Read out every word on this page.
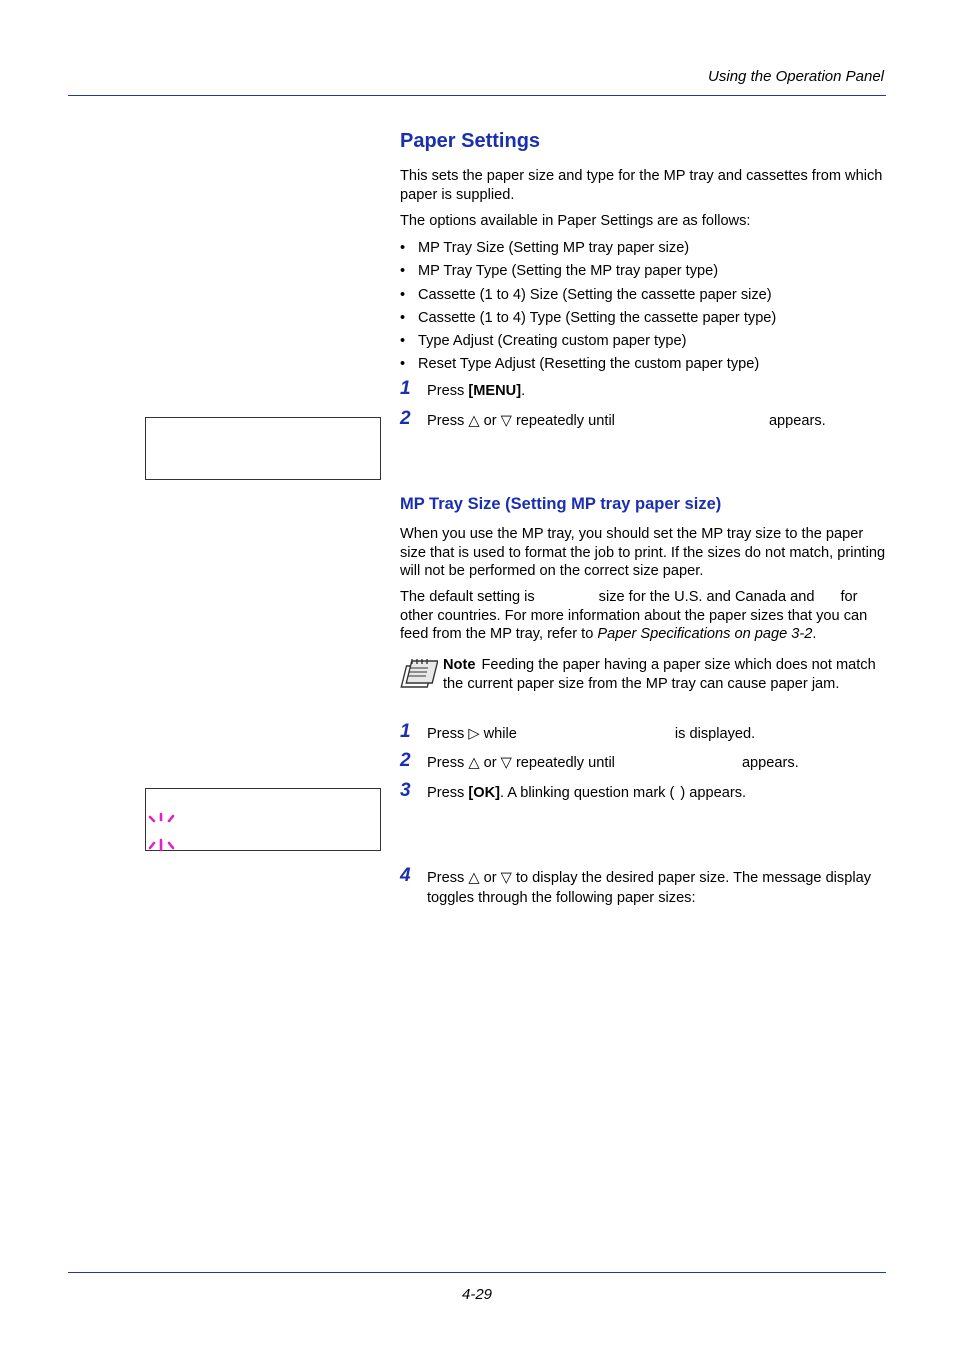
Using the Operation Panel
Paper Settings
This sets the paper size and type for the MP tray and cassettes from which paper is supplied.
The options available in Paper Settings are as follows:
• MP Tray Size (Setting MP tray paper size)
• MP Tray Type (Setting the MP tray paper type)
• Cassette (1 to 4) Size (Setting the cassette paper size)
• Cassette (1 to 4) Type (Setting the cassette paper type)
• Type Adjust (Creating custom paper type)
• Reset Type Adjust (Resetting the custom paper type)
1 Press [MENU].
2 Press △ or ▽ repeatedly until	appears.
MP Tray Size (Setting MP tray paper size)
When you use the MP tray, you should set the MP tray size to the paper size that is used to format the job to print. If the sizes do not match, printing will not be performed on the correct size paper.
The default setting is	size for the U.S. and Canada and for other countries. For more information about the paper sizes that you can feed from the MP tray, refer to Paper Specifications on page 3-2.
Note Feeding the paper having a paper size which does not match the current paper size from the MP tray can cause paper jam.
1 Press ▷ while	is displayed.
2 Press △ or ▽ repeatedly until	appears.
3 Press [OK]. A blinking question mark ( ) appears.
4 Press △ or ▽ to display the desired paper size. The message display toggles through the following paper sizes:
4-29
